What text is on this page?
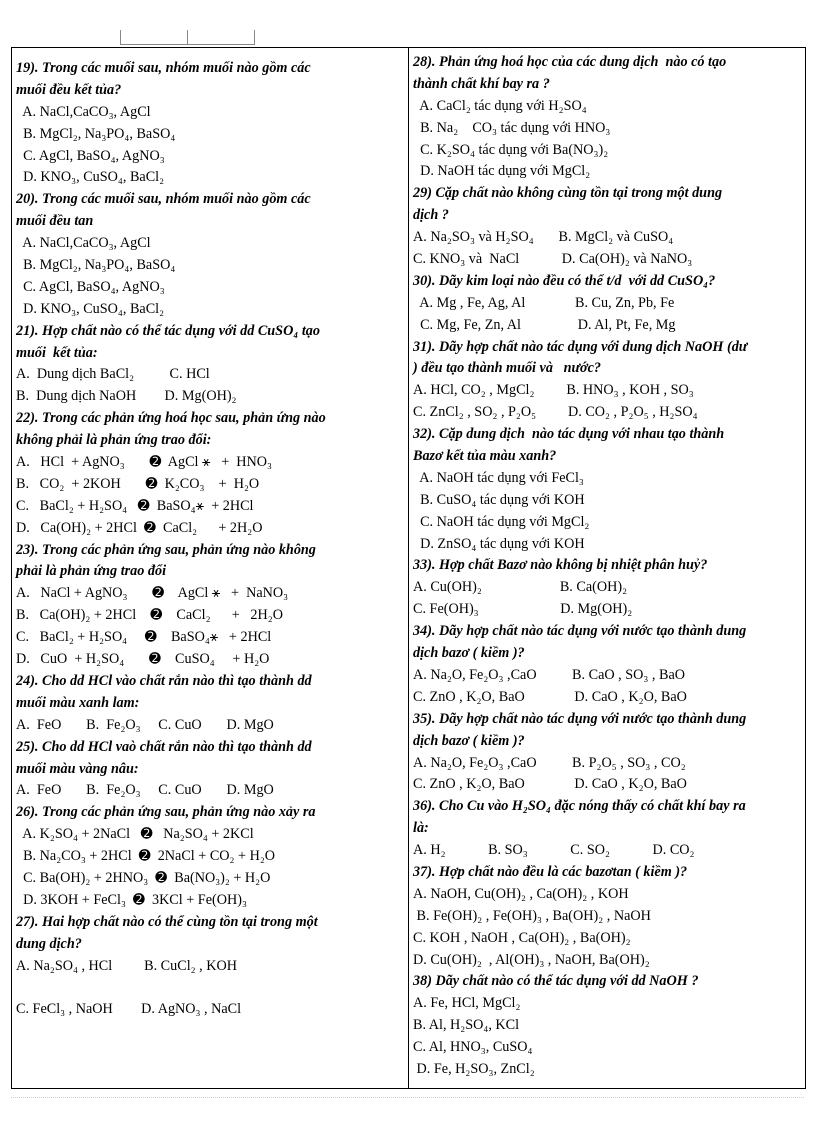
19). Trong các muối sau, nhóm muối nào gồm các
muối đều kết tủa?
A. NaCl,CaCO₃, AgCl
B. MgCl₂, Na₃PO₄, BaSO₄
C. AgCl, BaSO₄, AgNO₃
D. KNO₃, CuSO₄, BaCl₂
20). Trong các muối sau, nhóm muối nào gồm các
muối đều tan
A. NaCl,CaCO₃, AgCl
B. MgCl₂, Na₃PO₄, BaSO₄
C. AgCl, BaSO₄, AgNO₃
D. KNO₃, CuSO₄, BaCl₂
21). Hợp chất nào có thể tác dụng với dd CuSO₄ tạo
muối  kết tủa:
A.  Dung dịch BaCl₂          C. HCl
B.  Dung dịch NaOH        D. Mg(OH)₂
22). Trong các phản ứng hoá học sau, phản ứng nào
không phải là phản ứng trao đổi:
A.   HCl  + AgNO₃       ➋  AgCl ⚹   +  HNO₃
B.   CO₂  + 2KOH       ➋  K₂CO₃    +  H₂O
C.   BaCl₂ + H₂SO₄   ➋  BaSO₄⚹  + 2HCl
D.   Ca(OH)₂ + 2HCl  ➋  CaCl₂      + 2H₂O
23). Trong các phản ứng sau, phản ứng nào không
phải là phản ứng trao đổi
A.   NaCl + AgNO₃       ➋    AgCl ⚹   +  NaNO₃
B.   Ca(OH)₂ + 2HCl    ➋    CaCl₂      +   2H₂O
C.   BaCl₂ + H₂SO₄     ➋    BaSO₄⚹   + 2HCl
D.   CuO  + H₂SO₄       ➋    CuSO₄     + H₂O
24). Cho dd HCl vào chất rắn nào thì tạo thành dd
muối màu xanh lam:
A.  FeO       B.  Fe₂O₃     C. CuO       D. MgO
25). Cho dd HCl vaò chất rắn nào thì tạo thành dd
muối màu vàng nâu:
A.  FeO       B.  Fe₂O₃     C. CuO       D. MgO
26). Trong các phản ứng sau, phản ứng nào xảy ra
A. K₂SO₄ + 2NaCl   ➋   Na₂SO₄ + 2KCl
B. Na₂CO₃ + 2HCl  ➋  2NaCl + CO₂ + H₂O
C. Ba(OH)₂ + 2HNO₃  ➋  Ba(NO₃)₂ + H₂O
D. 3KOH + FeCl₃  ➋  3KCl + Fe(OH)₃
27). Hai hợp chất nào có thể cùng tồn tại trong một
dung dịch?
A. Na₂SO₄ , HCl         B. CuCl₂ , KOH
C. FeCl₃ , NaOH        D. AgNO₃ , NaCl
28). Phản ứng hoá học của các dung dịch  nào có tạo
thành chất khí bay ra ?
A. CaCl₂ tác dụng với H₂SO₄
B. Na₂    CO₃ tác dụng với HNO₃
C. K₂SO₄ tác dụng với Ba(NO₃)₂
D. NaOH tác dụng với MgCl₂
29) Cặp chất nào không cùng tồn tại trong một dung
dịch ?
A. Na₂SO₃ và H₂SO₄       B. MgCl₂ và CuSO₄
C. KNO₃ và  NaCl            D. Ca(OH)₂ và NaNO₃
30). Dãy kim loại nào đều có thể t/d  với dd CuSO₄?
A. Mg , Fe, Ag, Al              B. Cu, Zn, Pb, Fe
C. Mg, Fe, Zn, Al                D. Al, Pt, Fe, Mg
31). Dãy hợp chất nào tác dụng với dung dịch NaOH (dư
) đều tạo thành muối và   nước?
A. HCl, CO₂ , MgCl₂         B. HNO₃ , KOH , SO₃
C. ZnCl₂ , SO₂ , P₂O₅         D. CO₂ , P₂O₅ , H₂SO₄
32). Cặp dung dịch  nào tác dụng với nhau tạo thành
Bazơ kết tủa màu xanh?
A. NaOH tác dụng với FeCl₃
B. CuSO₄ tác dụng với KOH
C. NaOH tác dụng với MgCl₂
D. ZnSO₄ tác dụng với KOH
33). Hợp chất Bazơ nào không bị nhiệt phân huỷ?
A. Cu(OH)₂                      B. Ca(OH)₂
C. Fe(OH)₃                       D. Mg(OH)₂
34). Dãy hợp chất nào tác dụng với nước tạo thành dung
dịch bazơ ( kiềm )?
A. Na₂O, Fe₂O₃ ,CaO          B. CaO , SO₃ , BaO
C. ZnO , K₂O, BaO              D. CaO , K₂O, BaO
35). Dãy hợp chất nào tác dụng với nước tạo thành dung
dịch bazơ ( kiềm )?
A. Na₂O, Fe₂O₃ ,CaO          B. P₂O₅ , SO₃ , CO₂
C. ZnO , K₂O, BaO              D. CaO , K₂O, BaO
36). Cho Cu vào H₂SO₄ đặc nóng thấy có chất khí bay ra
là:
A. H₂            B. SO₃            C. SO₂            D. CO₂
37). Hợp chất nào đều là các bazơtan ( kiềm )?
A. NaOH, Cu(OH)₂ , Ca(OH)₂ , KOH
B. Fe(OH)₂ , Fe(OH)₃ , Ba(OH)₂ , NaOH
C. KOH , NaOH , Ca(OH)₂ , Ba(OH)₂
D. Cu(OH)₂  , Al(OH)₃ , NaOH, Ba(OH)₂
38) Dãy chất nào có thể tác dụng với dd NaOH ?
A. Fe, HCl, MgCl₂
B. Al, H₂SO₄, KCl
C. Al, HNO₃, CuSO₄
D. Fe, H₂SO₃, ZnCl₂
